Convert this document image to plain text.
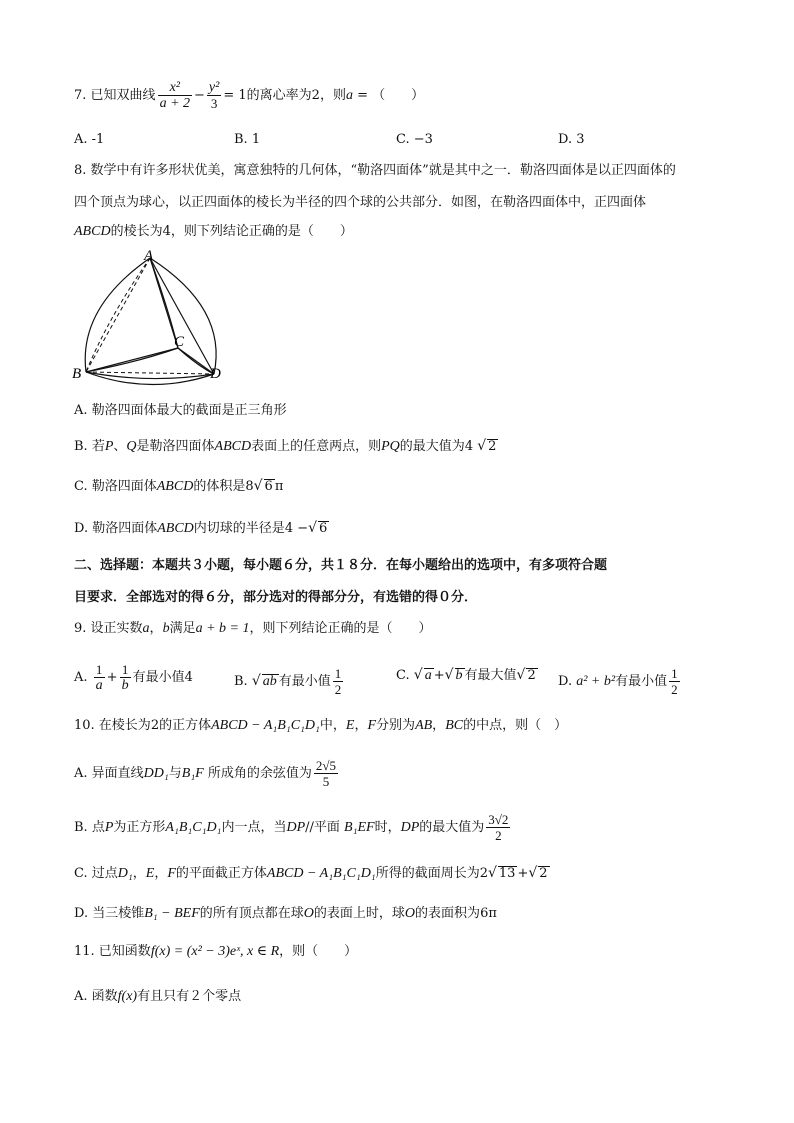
7. 已知双曲线 $\frac{\text{x²}}{a + 2} - \frac{\text{y²}}{3} = 1$的离心率为2，则a = （　　）
A. -1	B. 1	C. −3	D. 3
8. 数学中有许多形状优美，寓意独特的几何体，“勒洛四面体”就是其中之一．勒洛四面体是以正四面体的
四个顶点为球心，以正四面体的棱长为半径的四个球的公共部分．如图，在勒洛四面体中，正四面体
ABCD的棱长为4，则下列结论正确的是（　　）
A
B
C
D
A. 勒洛四面体最大的截面是正三角形
B. 若P、Q是勒洛四面体ABCD表面上的任意两点，则PQ的最大值为4 √ 2
C. 勒洛四面体ABCD的体积是8√ 6 π
D. 勒洛四面体ABCD内切球的半径是4 −√ 6
二、选择题：本题共３小题，每小题６分，共１８分．在每小题给出的选项中，有多项符合题
目要求．全部选对的得６分，部分选对的得部分分，有选错的得０分．
9. 设正实数a，b满足a + b = 1，则下列结论正确的是（　　）
A. $\frac{1}{a} + \frac{1}{b}$ 有最小值4	B. √ ab 有最小值 $\frac{1}{2}$	C. √ a +√ b 有最大值√ 2 D. a² + b²有最小值 $\frac{1}{2}$
10. 在棱长为2的正方体ABCD − A₁B₁C₁D₁中，E，F分别为AB，BC的中点，则（　）
A. 异面直线DD₁与B₁F 所成角的余弦值为 $\frac{2√5}{5}$
B. 点P为正方形A₁B₁C₁D₁内一点，当DP//平面 B₁EF时，DP的最大值为 $\frac{3√2}{2}$
C. 过点D₁，E，F的平面截正方体ABCD − A₁B₁C₁D₁所得的截面周长为2√ 13 +√ 2
D. 当三棱锥B₁ − BEF的所有顶点都在球O的表面上时，球O的表面积为6π
11. 已知函数f(x) = (x² − 3)eˣ, x ∈ R，则（　　）
A. 函数f(x)有且只有２个零点
